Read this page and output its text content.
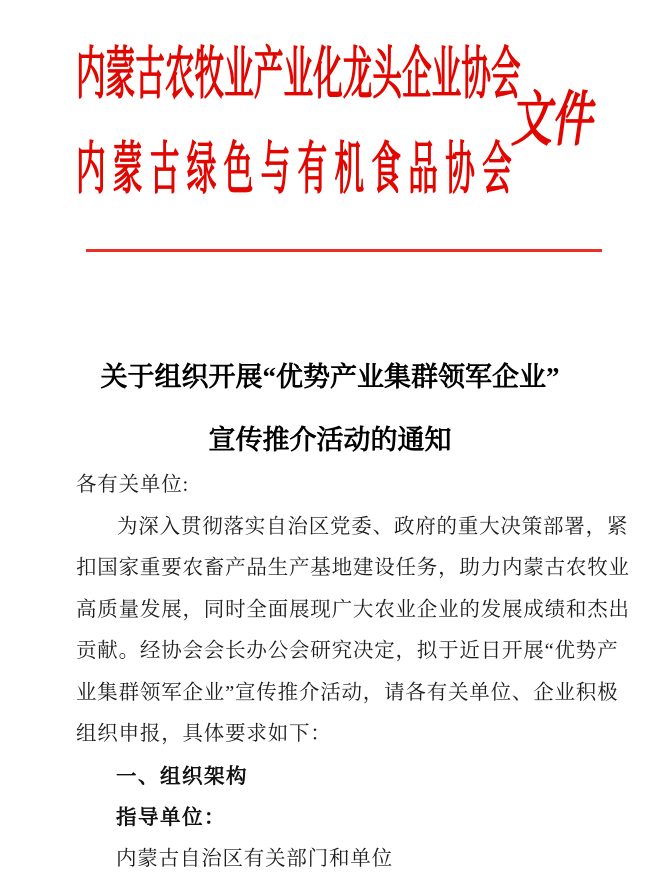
内蒙古农牧业产业化龙头企业协会
内蒙古绿色与有机食品协会
文件
关于组织开展“优势产业集群领军企业”
宣传推介活动的通知
各有关单位:
为深入贯彻落实自治区党委、政府的重大决策部署，紧
扣国家重要农畜产品生产基地建设任务，助力内蒙古农牧业
高质量发展，同时全面展现广大农业企业的发展成绩和杰出
贡献。经协会会长办公会研究决定，拟于近日开展“优势产
业集群领军企业”宣传推介活动，请各有关单位、企业积极
组织申报，具体要求如下：
一、组织架构
指导单位：
内蒙古自治区有关部门和单位
